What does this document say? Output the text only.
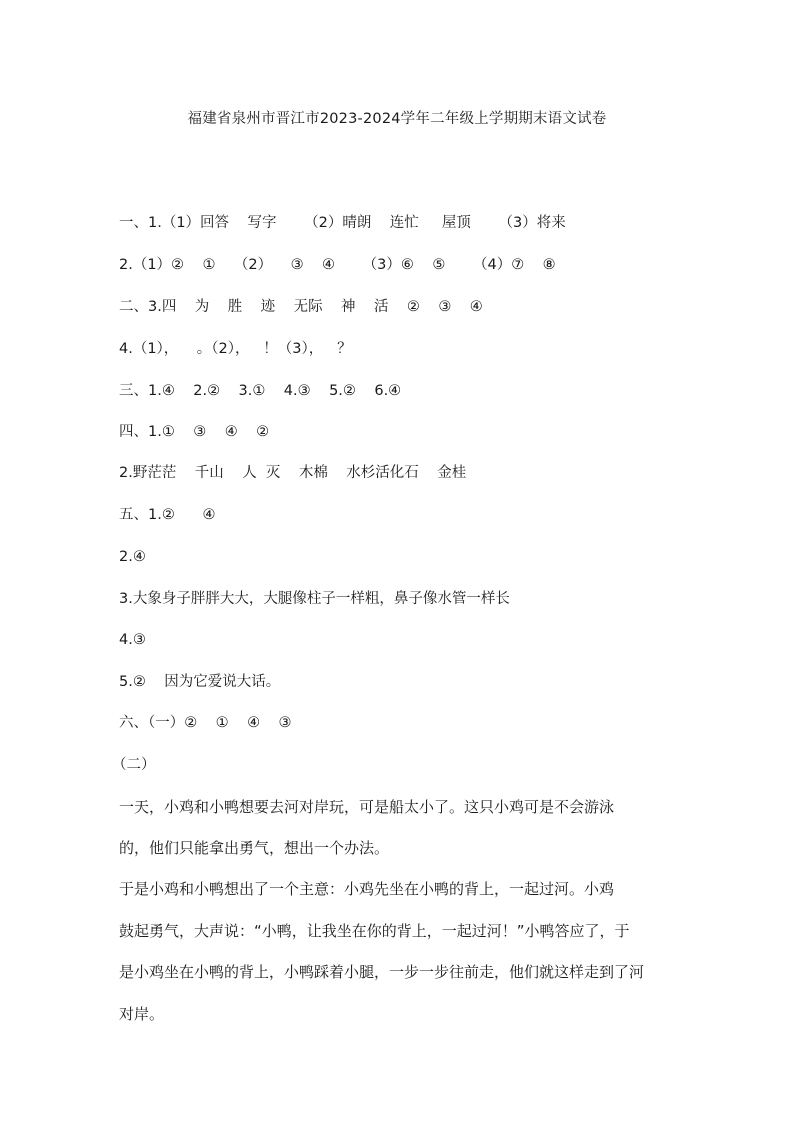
福建省泉州市晋江市2023-2024学年二年级上学期期末语文试卷
一、1.（1）回答    写字      （2）晴朗    连忙     屋顶      （3）将来
2.（1）②    ①    （2）    ③    ④      （3）⑥    ⑤      （4）⑦    ⑧
二、3.四    为    胜    迹    无际    神    活    ②    ③    ④
4.（1），    。（2），   ！（3），   ？
三、1.④    2.②    3.①    4.③    5.②    6.④
四、1.①    ③    ④    ②
2.野茫茫    千山    人  灭    木棉    水杉活化石    金桂
五、1.②      ④
2.④
3.大象身子胖胖大大，大腿像柱子一样粗，鼻子像水管一样长
4.③
5.②    因为它爱说大话。
六、（一）②    ①    ④    ③
（二）
一天，小鸡和小鸭想要去河对岸玩，可是船太小了。这只小鸡可是不会游泳
的，他们只能拿出勇气，想出一个办法。
于是小鸡和小鸭想出了一个主意：小鸡先坐在小鸭的背上，一起过河。小鸡
鼓起勇气，大声说：“小鸭，让我坐在你的背上，一起过河！”小鸭答应了，于
是小鸡坐在小鸭的背上，小鸭踩着小腿，一步一步往前走，他们就这样走到了河
对岸。
